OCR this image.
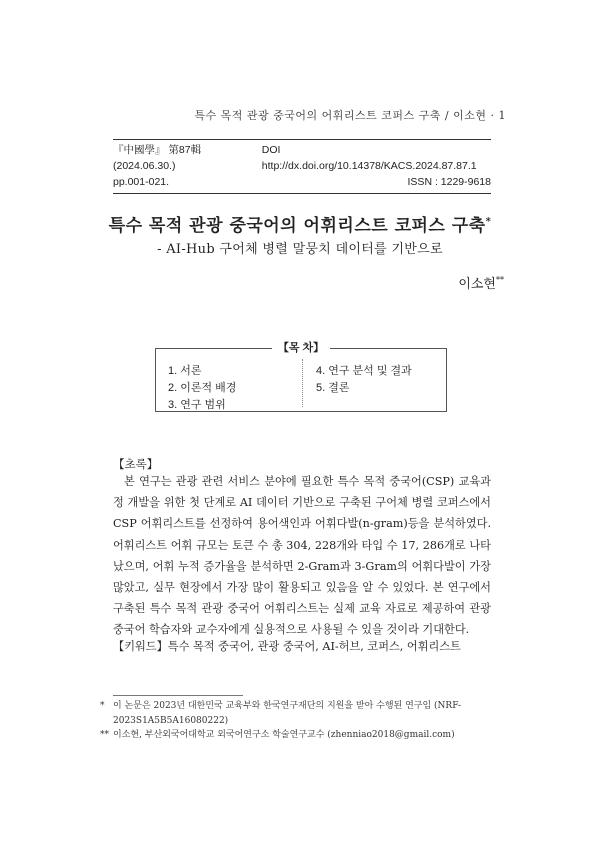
특수 목적 관광 중국어의 어휘리스트 코퍼스 구축 / 이소현 · 1
『中國學』 第87輯 (2024.06.30.)
DOI http://dx.doi.org/10.14378/KACS.2024.87.87.1
pp.001-021.	ISSN : 1229-9618
특수 목적 관광 중국어의 어휘리스트 코퍼스 구축*
- AI-Hub 구어체 병렬 말뭉치 데이터를 기반으로
이소현**
【목 차】
1. 서론
2. 이론적 배경
3. 연구 범위
4. 연구 분석 및 결과
5. 결론
【초록】
본 연구는 관광 관련 서비스 분야에 필요한 특수 목적 중국어(CSP) 교육과정 개발을 위한 첫 단계로 AI 데이터 기반으로 구축된 구어체 병렬 코퍼스에서 CSP 어휘리스트를 선정하여 용어색인과 어휘다발(n-gram)등을 분석하였다. 어휘리스트 어휘 규모는 토큰 수 총 304, 228개와 타입 수 17, 286개로 나타났으며, 어휘 누적 증가율을 분석하면 2-Gram과 3-Gram의 어휘다발이 가장 많았고, 실무 현장에서 가장 많이 활용되고 있음을 알 수 있었다. 본 연구에서 구축된 특수 목적 관광 중국어 어휘리스트는 실제 교육 자료로 제공하여 관광 중국어 학습자와 교수자에게 실용적으로 사용될 수 있을 것이라 기대한다.
【키워드】특수 목적 중국어, 관광 중국어, AI-허브, 코퍼스, 어휘리스트
* 이 논문은 2023년 대한민국 교육부와 한국연구재단의 지원을 받아 수행된 연구임 (NRF-2023S1A5B5A16080222)
** 이소현, 부산외국어대학교 외국어연구소 학술연구교수 (zhenniao2018@gmail.com)
